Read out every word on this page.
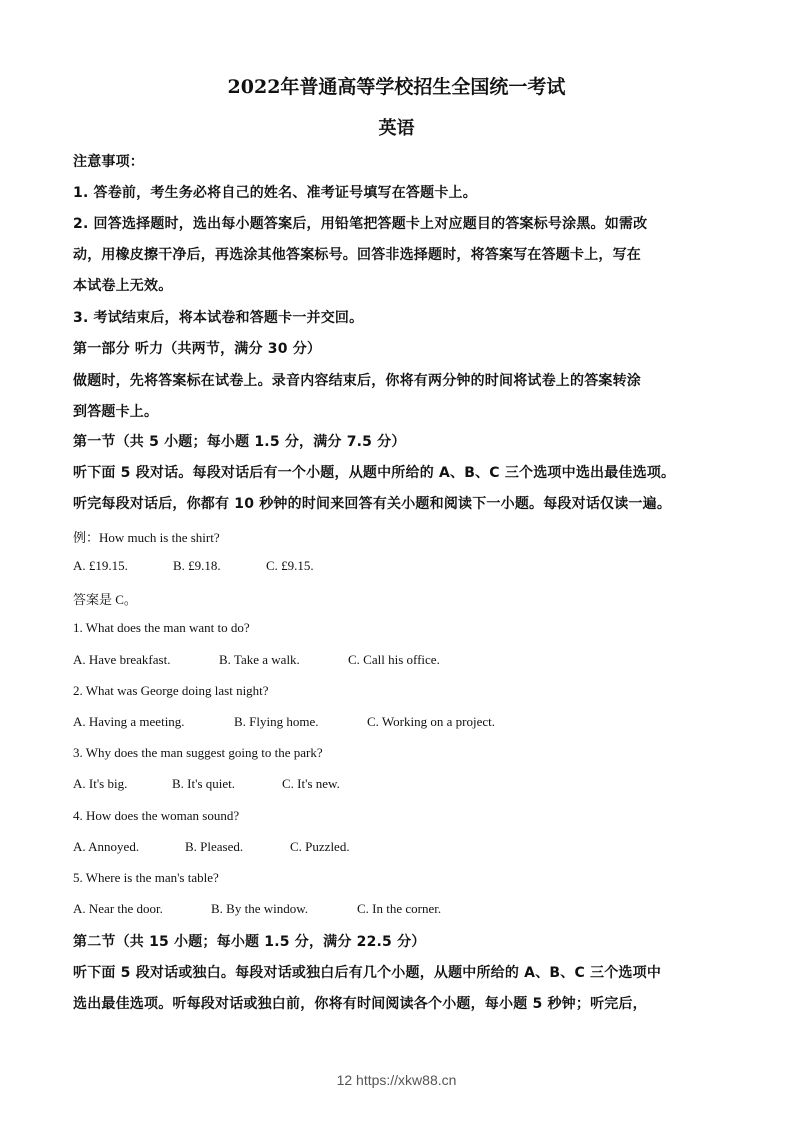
2022年普通高等学校招生全国统一考试
英语
注意事项：
1. 答卷前，考生务必将自己的姓名、准考证号填写在答题卡上。
2. 回答选择题时，选出每小题答案后，用铅笔把答题卡上对应题目的答案标号涂黑。如需改
动，用橡皮擦干净后，再选涂其他答案标号。回答非选择题时，将答案写在答题卡上，写在
本试卷上无效。
3. 考试结束后，将本试卷和答题卡一并交回。
第一部分 听力（共两节，满分 30 分）
做题时，先将答案标在试卷上。录音内容结束后，你将有两分钟的时间将试卷上的答案转涂
到答题卡上。
第一节（共 5 小题；每小题 1.5 分，满分 7.5 分）
听下面 5 段对话。每段对话后有一个小题，从题中所给的 A、B、C 三个选项中选出最佳选项。
听完每段对话后，你都有 10 秒钟的时间来回答有关小题和阅读下一小题。每段对话仅读一遍。
例：How much is the shirt?
A. £19.15.	B. £9.18.	C. £9.15.
答案是 C。
1. What does the man want to do?
A. Have breakfast.	B. Take a walk.	C. Call his office.
2. What was George doing last night?
A. Having a meeting.	B. Flying home.	C. Working on a project.
3. Why does the man suggest going to the park?
A. It's big.	B. It's quiet.	C. It's new.
4. How does the woman sound?
A. Annoyed.	B. Pleased.	C. Puzzled.
5. Where is the man's table?
A. Near the door.	B. By the window.	C. In the corner.
第二节（共 15 小题；每小题 1.5 分，满分 22.5 分）
听下面 5 段对话或独白。每段对话或独白后有几个小题，从题中所给的 A、B、C 三个选项中
选出最佳选项。听每段对话或独白前，你将有时间阅读各个小题，每小题 5 秒钟；听完后，
12 https://xkw88.cn
